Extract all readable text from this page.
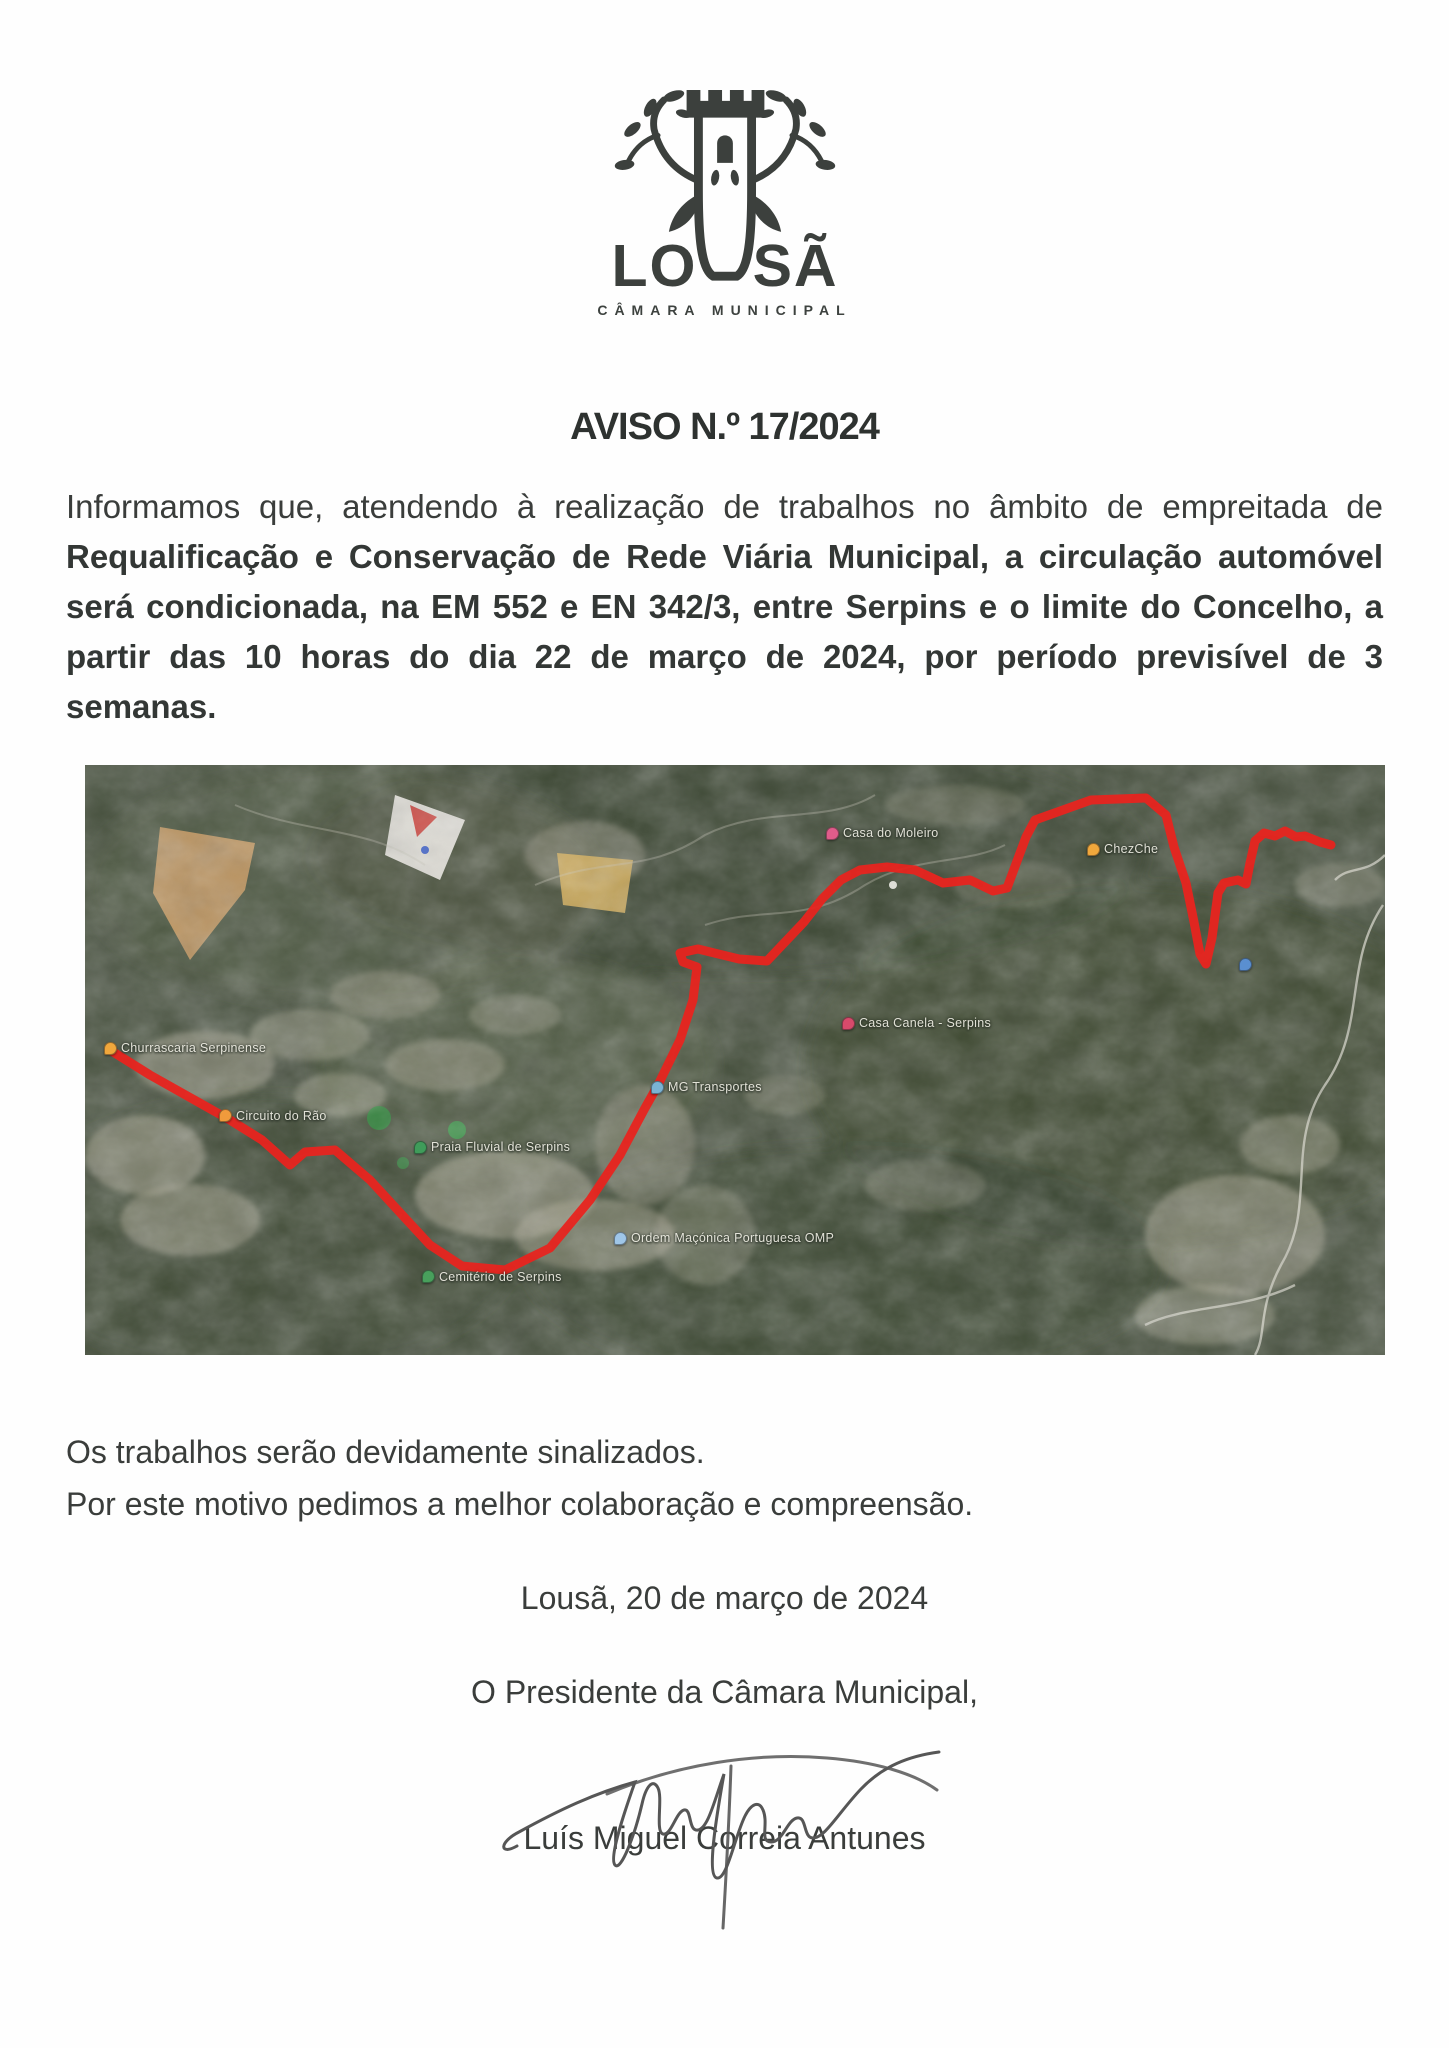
LO SÃ
CÂMARA MUNICIPAL
AVISO N.º 17/2024

Informamos que, atendendo à realização de trabalhos no âmbito de empreitada de Requalificação e Conservação de Rede Viária Municipal, a circulação automóvel será condicionada, na EM 552 e EN 342/3, entre Serpins e o limite do Concelho, a partir das 10 horas do dia 22 de março de 2024, por período previsível de 3 semanas.

Churrascaria Serpinense
Circuito do Rão
Casa do Moleiro
ChezChe
Casa Canela - Serpins
MG Transportes
Praia Fluvial de Serpins
Ordem Maçónica Portuguesa OMP
Cemitério de Serpins
Os trabalhos serão devidamente sinalizados.
Por este motivo pedimos a melhor colaboração e compreensão.
Lousã, 20 de março de 2024
O Presidente da Câmara Municipal,
Luís Miguel Correia Antunes
